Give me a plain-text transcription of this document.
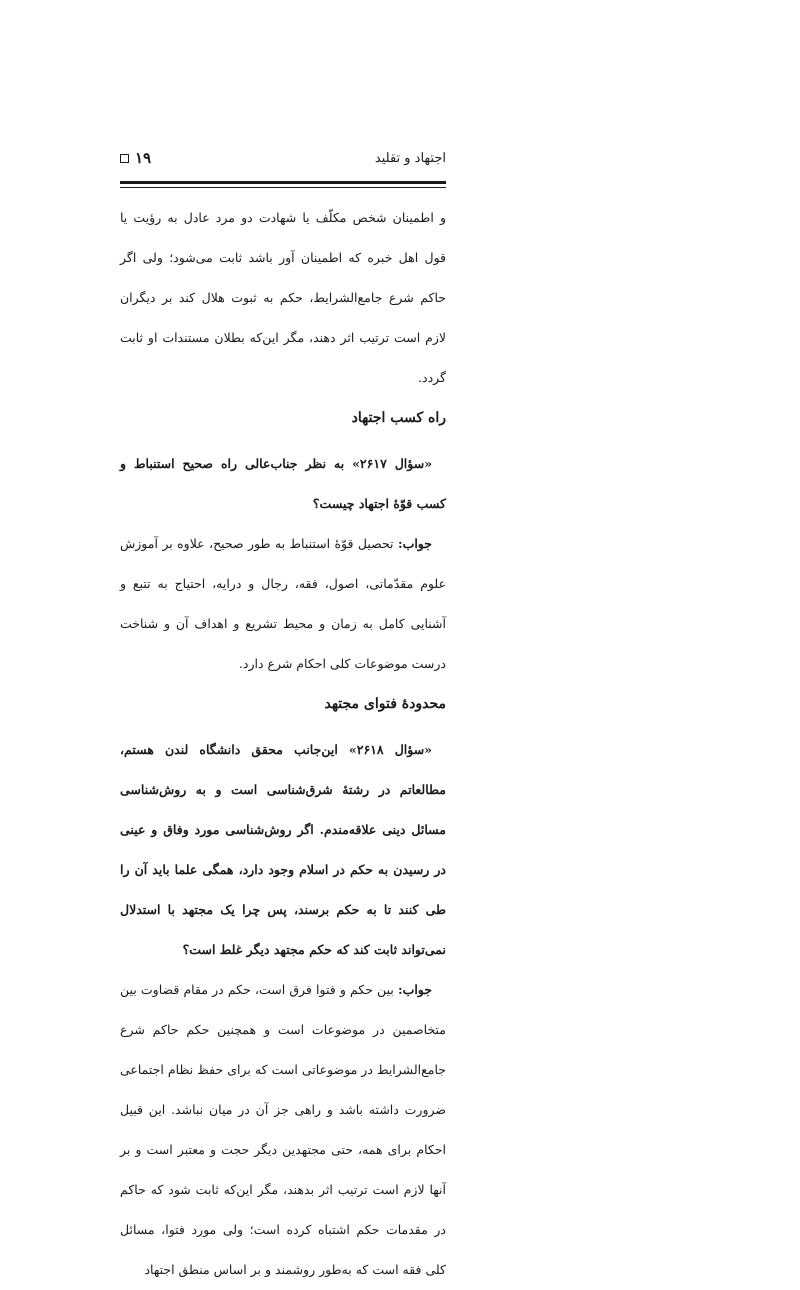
اجتهاد و تقلید
۱۹

و اطمینان شخص مکلّف یا شهادت دو مرد عادل به رؤیت یا قول اهل خبره که اطمینان آور باشد ثابت می‌شود؛ ولی اگر حاکم شرع جامع‌الشرایط، حکم به ثبوت هلال کند بر دیگران لازم است ترتیب اثر دهند، مگر این‌که بطلان مستندات او ثابت گردد.

راه کسب اجتهاد

«سؤال ۲۶۱۷» به نظر جناب‌عالی راه صحیح استنباط و کسب قوّهٔ اجتهاد چیست؟

جواب: تحصیل قوّهٔ استنباط به طور صحیح، علاوه بر آموزش علوم مقدّماتی، اصول، فقه، رجال و درایه، احتیاج به تتبع و آشنایی کامل به زمان و محیط تشریع و اهداف آن و شناخت درست موضوعات کلی احکام شرع دارد.

محدودهٔ فتوای مجتهد

«سؤال ۲۶۱۸» این‌جانب محقق دانشگاه لندن هستم، مطالعاتم در رشتهٔ شرق‌شناسی است و به روش‌شناسی مسائل دینی علاقه‌مندم. اگر روش‌شناسی مورد وفاق و عینی در رسیدن به حکم در اسلام وجود دارد، همگی علما باید آن را طی کنند تا به حکم برسند، پس چرا یک مجتهد با استدلال نمی‌تواند ثابت کند که حکم مجتهد دیگر غلط است؟

جواب: بین حکم و فتوا فرق است، حکم در مقام قضاوت بین متخاصمین در موضوعات است و همچنین حکم حاکم شرع جامع‌الشرایط در موضوعاتی است که برای حفظ نظام اجتماعی ضرورت داشته باشد و راهی جز آن در میان نباشد. این قبیل احکام برای همه، حتی مجتهدین دیگر حجت و معتبر است و بر آنها لازم است ترتیب اثر بدهند، مگر این‌که ثابت شود که حاکم در مقدمات حکم اشتباه کرده است؛ ولی مورد فتوا، مسائل کلی فقه است که به‌طور روشمند و بر اساس منطق اجتهاد
